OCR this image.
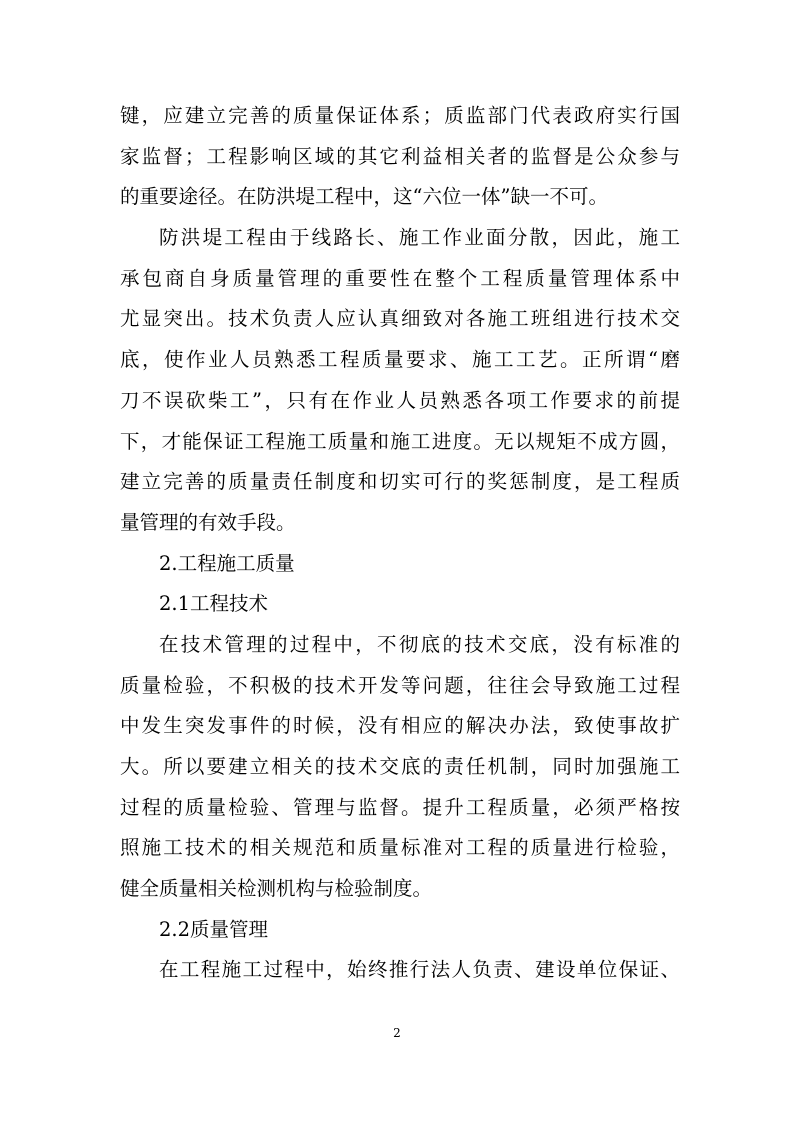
键，应建立完善的质量保证体系；质监部门代表政府实行国
家监督；工程影响区域的其它利益相关者的监督是公众参与
的重要途径。在防洪堤工程中，这“六位一体”缺一不可。
防洪堤工程由于线路长、施工作业面分散，因此，施工
承包商自身质量管理的重要性在整个工程质量管理体系中
尤显突出。技术负责人应认真细致对各施工班组进行技术交
底，使作业人员熟悉工程质量要求、施工工艺。正所谓“磨
刀不误砍柴工”，只有在作业人员熟悉各项工作要求的前提
下，才能保证工程施工质量和施工进度。无以规矩不成方圆，
建立完善的质量责任制度和切实可行的奖惩制度，是工程质
量管理的有效手段。
2.工程施工质量
2.1工程技术
在技术管理的过程中，不彻底的技术交底，没有标准的
质量检验，不积极的技术开发等问题，往往会导致施工过程
中发生突发事件的时候，没有相应的解决办法，致使事故扩
大。所以要建立相关的技术交底的责任机制，同时加强施工
过程的质量检验、管理与监督。提升工程质量，必须严格按
照施工技术的相关规范和质量标准对工程的质量进行检验，
健全质量相关检测机构与检验制度。
2.2质量管理
在工程施工过程中，始终推行法人负责、建设单位保证、
2
